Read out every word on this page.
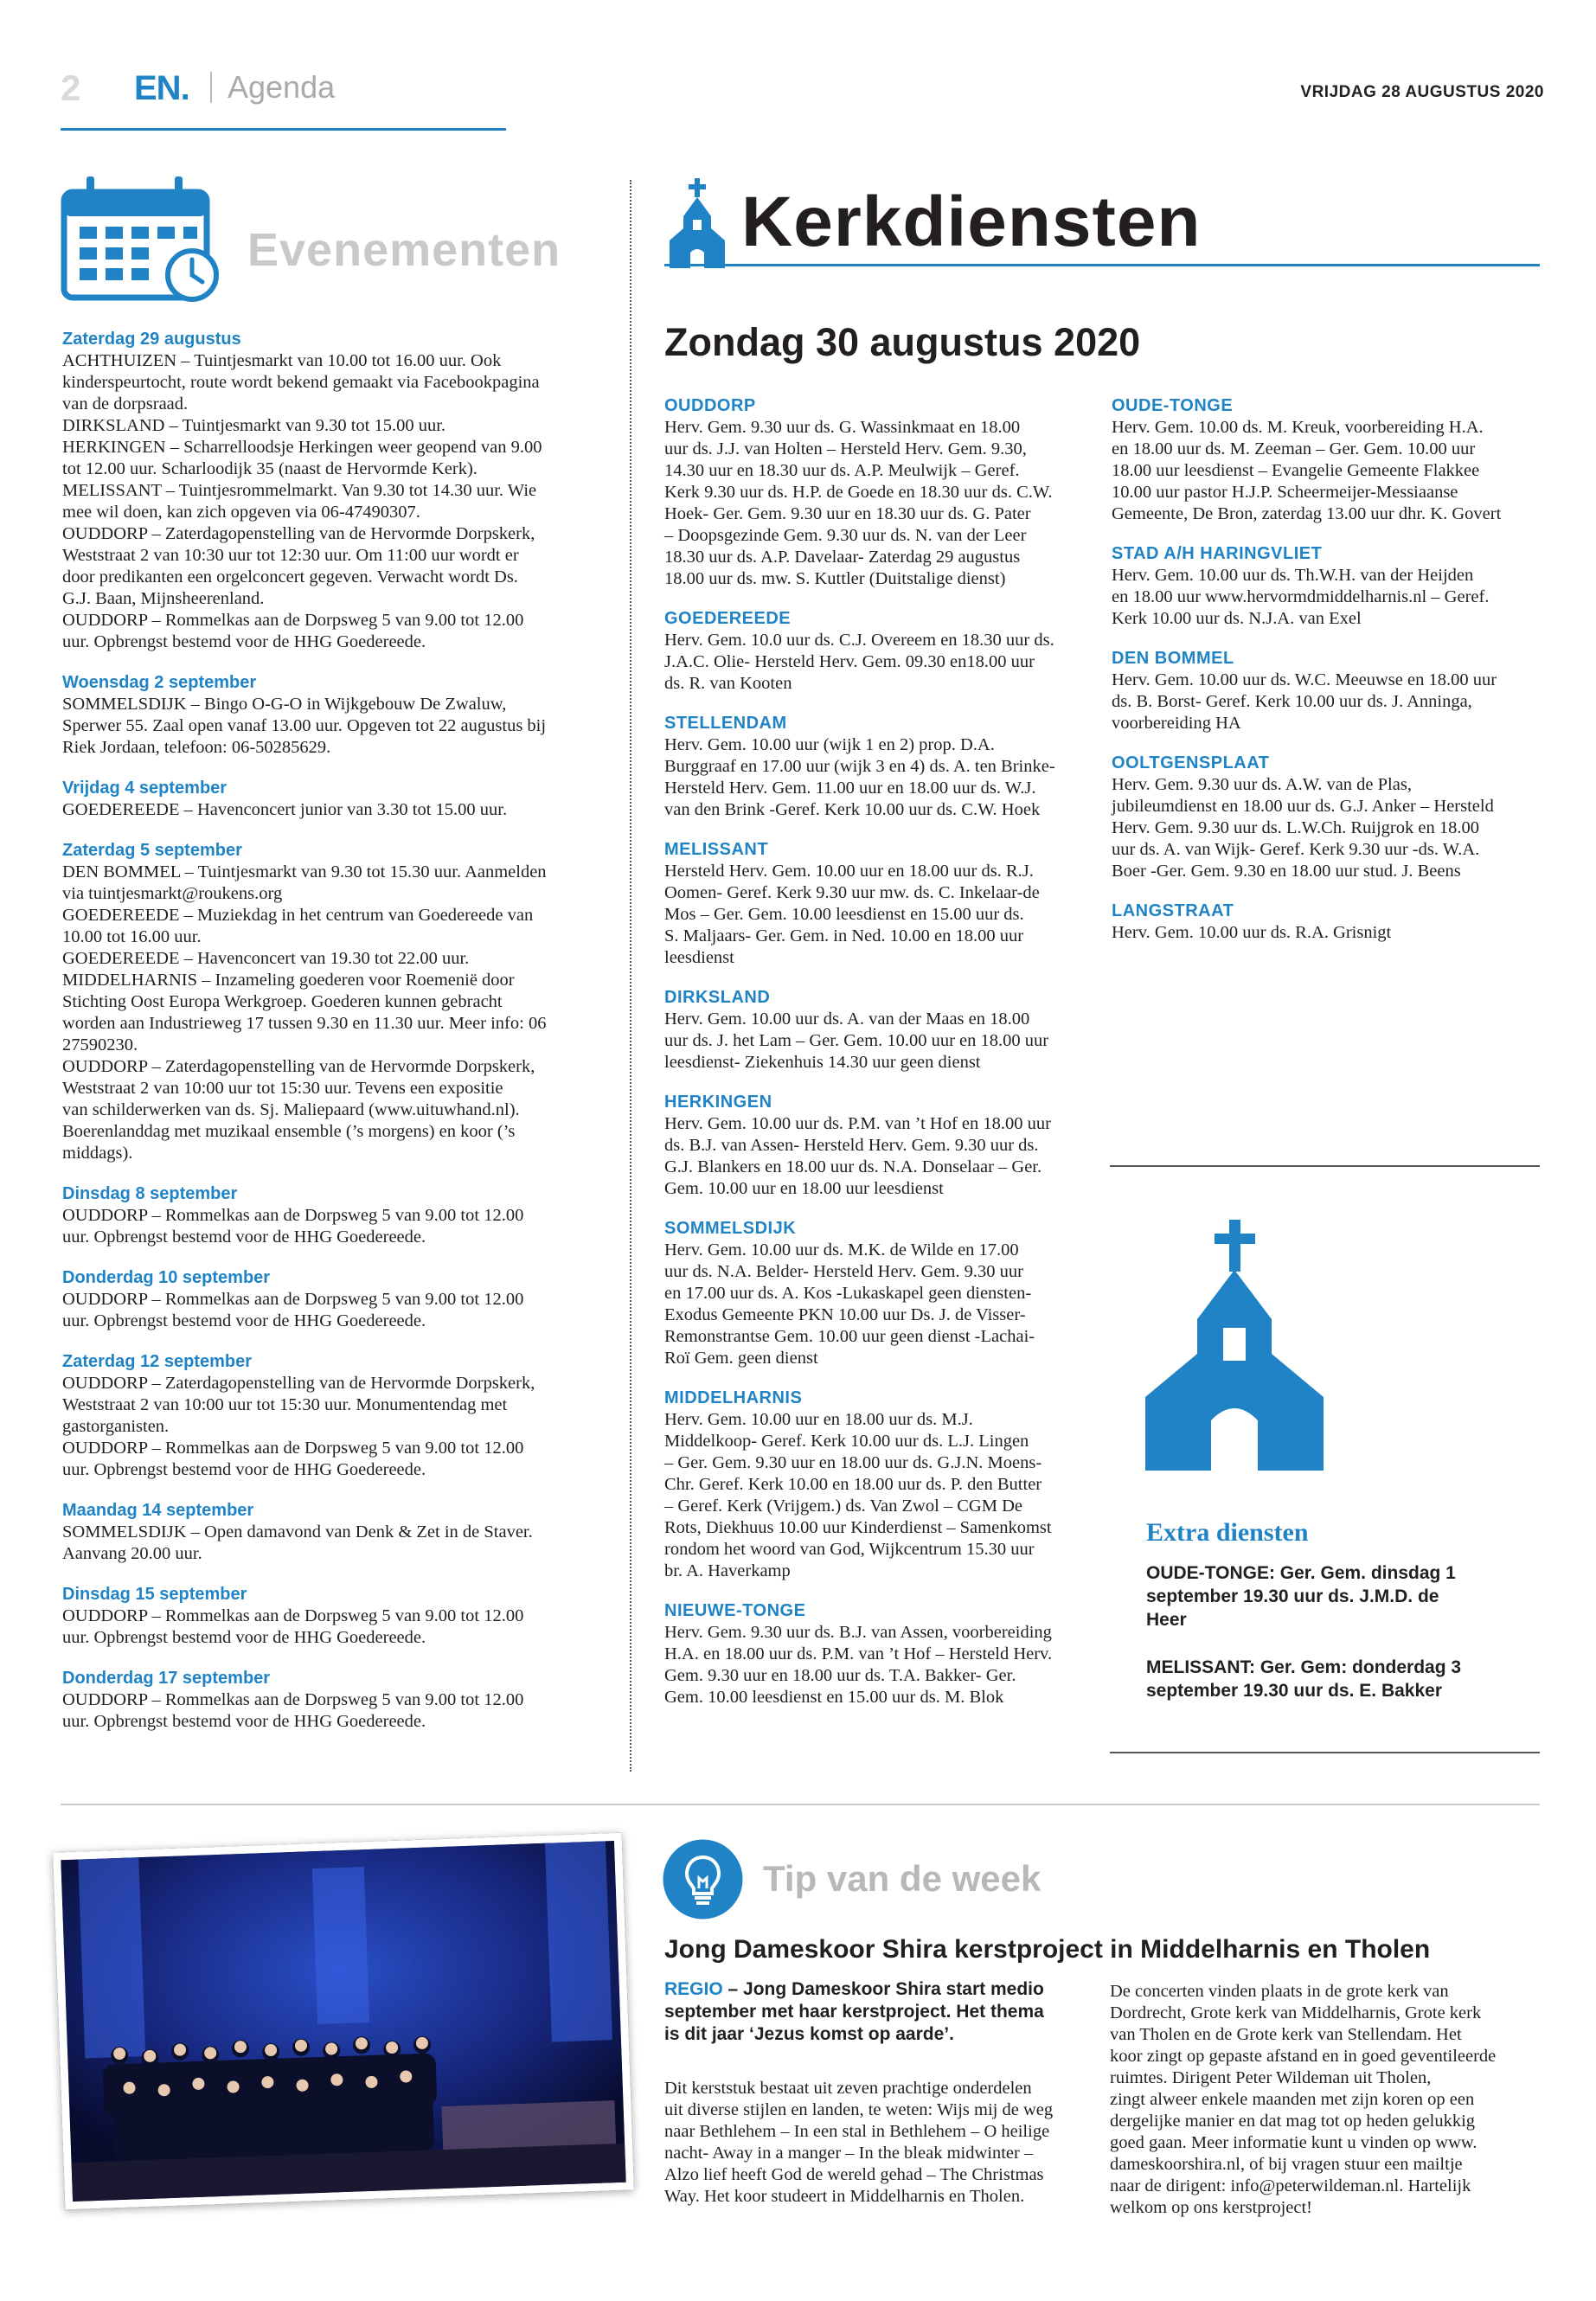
2 EN. Agenda	VRIJDAG 28 AUGUSTUS 2020
Evenementen
Zaterdag 29 augustus
ACHTHUIZEN – Tuintjesmarkt van 10.00 tot 16.00 uur. Ook
kinderspeurtocht, route wordt bekend gemaakt via Facebookpagina
van de dorpsraad.
DIRKSLAND – Tuintjesmarkt van 9.30 tot 15.00 uur.
HERKINGEN – Scharrelloodsje Herkingen weer geopend van 9.00
tot 12.00 uur. Scharloodijk 35 (naast de Hervormde Kerk).
MELISSANT – Tuintjesrommelmarkt. Van 9.30 tot 14.30 uur. Wie
mee wil doen, kan zich opgeven via 06-47490307.
OUDDORP – Zaterdagopenstelling van de Hervormde Dorpskerk,
Weststraat 2 van 10:30 uur tot 12:30 uur. Om 11:00 uur wordt er
door predikanten een orgelconcert gegeven. Verwacht wordt Ds.
G.J. Baan, Mijnsheerenland.
OUDDORP – Rommelkas aan de Dorpsweg 5 van 9.00 tot 12.00
uur. Opbrengst bestemd voor de HHG Goedereede.
Woensdag 2 september
SOMMELSDIJK – Bingo O-G-O in Wijkgebouw De Zwaluw,
Sperwer 55. Zaal open vanaf 13.00 uur. Opgeven tot 22 augustus bij
Riek Jordaan, telefoon: 06-50285629.
Vrijdag 4 september
GOEDEREEDE – Havenconcert junior van 3.30 tot 15.00 uur.
Zaterdag 5 september
DEN BOMMEL – Tuintjesmarkt van 9.30 tot 15.30 uur. Aanmelden
via tuintjesmarkt@roukens.org
GOEDEREEDE – Muziekdag in het centrum van Goedereede van
10.00 tot 16.00 uur.
GOEDEREEDE – Havenconcert van 19.30 tot 22.00 uur.
MIDDELHARNIS – Inzameling goederen voor Roemenië door
Stichting Oost Europa Werkgroep. Goederen kunnen gebracht
worden aan Industrieweg 17 tussen 9.30 en 11.30 uur. Meer info: 06
27590230.
OUDDORP – Zaterdagopenstelling van de Hervormde Dorpskerk,
Weststraat 2 van 10:00 uur tot 15:30 uur. Tevens een expositie
van schilderwerken van ds. Sj. Maliepaard (www.uituwhand.nl).
Boerenlanddag met muzikaal ensemble (’s morgens) en koor (’s
middags).
Dinsdag 8 september
OUDDORP – Rommelkas aan de Dorpsweg 5 van 9.00 tot 12.00
uur. Opbrengst bestemd voor de HHG Goedereede.
Donderdag 10 september
OUDDORP – Rommelkas aan de Dorpsweg 5 van 9.00 tot 12.00
uur. Opbrengst bestemd voor de HHG Goedereede.
Zaterdag 12 september
OUDDORP – Zaterdagopenstelling van de Hervormde Dorpskerk,
Weststraat 2 van 10:00 uur tot 15:30 uur. Monumentendag met
gastorganisten.
OUDDORP – Rommelkas aan de Dorpsweg 5 van 9.00 tot 12.00
uur. Opbrengst bestemd voor de HHG Goedereede.
Maandag 14 september
SOMMELSDIJK – Open damavond van Denk & Zet in de Staver.
Aanvang 20.00 uur.
Dinsdag 15 september
OUDDORP – Rommelkas aan de Dorpsweg 5 van 9.00 tot 12.00
uur. Opbrengst bestemd voor de HHG Goedereede.
Donderdag 17 september
OUDDORP – Rommelkas aan de Dorpsweg 5 van 9.00 tot 12.00
uur. Opbrengst bestemd voor de HHG Goedereede.
Kerkdiensten
Zondag 30 augustus 2020
OUDDORP
Herv. Gem. 9.30 uur ds. G. Wassinkmaat en 18.00
uur ds. J.J. van Holten – Hersteld Herv. Gem. 9.30,
14.30 uur en 18.30 uur ds. A.P. Meulwijk – Geref.
Kerk 9.30 uur ds. H.P. de Goede en 18.30 uur ds. C.W.
Hoek- Ger. Gem. 9.30 uur en 18.30 uur ds. G. Pater
– Doopsgezinde Gem. 9.30 uur ds. N. van der Leer
18.30 uur ds. A.P. Davelaar- Zaterdag 29 augustus
18.00 uur ds. mw. S. Kuttler (Duitstalige dienst)
GOEDEREEDE
Herv. Gem. 10.0 uur ds. C.J. Overeem en 18.30 uur ds.
J.A.C. Olie- Hersteld Herv. Gem. 09.30 en18.00 uur
ds. R. van Kooten
STELLENDAM
Herv. Gem. 10.00 uur (wijk 1 en 2) prop. D.A.
Burggraaf en 17.00 uur (wijk 3 en 4) ds. A. ten Brinke-
Hersteld Herv. Gem. 11.00 uur en 18.00 uur ds. W.J.
van den Brink -Geref. Kerk 10.00 uur ds. C.W. Hoek
MELISSANT
Hersteld Herv. Gem. 10.00 uur en 18.00 uur ds. R.J.
Oomen- Geref. Kerk 9.30 uur mw. ds. C. Inkelaar-de
Mos – Ger. Gem. 10.00 leesdienst en 15.00 uur ds.
S. Maljaars- Ger. Gem. in Ned. 10.00 en 18.00 uur
leesdienst
DIRKSLAND
Herv. Gem. 10.00 uur ds. A. van der Maas en 18.00
uur ds. J. het Lam – Ger. Gem. 10.00 uur en 18.00 uur
leesdienst- Ziekenhuis 14.30 uur geen dienst
HERKINGEN
Herv. Gem. 10.00 uur ds. P.M. van ’t Hof en 18.00 uur
ds. B.J. van Assen- Hersteld Herv. Gem. 9.30 uur ds.
G.J. Blankers en 18.00 uur ds. N.A. Donselaar – Ger.
Gem. 10.00 uur en 18.00 uur leesdienst
SOMMELSDIJK
Herv. Gem. 10.00 uur ds. M.K. de Wilde en 17.00
uur ds. N.A. Belder- Hersteld Herv. Gem. 9.30 uur
en 17.00 uur ds. A. Kos -Lukaskapel geen diensten-
Exodus Gemeente PKN 10.00 uur Ds. J. de Visser-
Remonstrantse Gem. 10.00 uur geen dienst -Lachai-
Roï Gem. geen dienst
MIDDELHARNIS
Herv. Gem. 10.00 uur en 18.00 uur ds. M.J.
Middelkoop- Geref. Kerk 10.00 uur ds. L.J. Lingen
– Ger. Gem. 9.30 uur en 18.00 uur ds. G.J.N. Moens-
Chr. Geref. Kerk 10.00 en 18.00 uur ds. P. den Butter
– Geref. Kerk (Vrijgem.) ds. Van Zwol – CGM De
Rots, Diekhuus 10.00 uur Kinderdienst – Samenkomst
rondom het woord van God, Wijkcentrum 15.30 uur
br. A. Haverkamp
NIEUWE-TONGE
Herv. Gem. 9.30 uur ds. B.J. van Assen, voorbereiding
H.A. en 18.00 uur ds. P.M. van ’t Hof – Hersteld Herv.
Gem. 9.30 uur en 18.00 uur ds. T.A. Bakker- Ger.
Gem. 10.00 leesdienst en 15.00 uur ds. M. Blok
OUDE-TONGE
Herv. Gem. 10.00 ds. M. Kreuk, voorbereiding H.A.
en 18.00 uur ds. M. Zeeman – Ger. Gem. 10.00 uur
18.00 uur leesdienst – Evangelie Gemeente Flakkee
10.00 uur pastor H.J.P. Scheermeijer-Messiaanse
Gemeente, De Bron, zaterdag 13.00 uur dhr. K. Govert
STAD A/H HARINGVLIET
Herv. Gem. 10.00 uur ds. Th.W.H. van der Heijden
en 18.00 uur www.hervormdmiddelharnis.nl – Geref.
Kerk 10.00 uur ds. N.J.A. van Exel
DEN BOMMEL
Herv. Gem. 10.00 uur ds. W.C. Meeuwse en 18.00 uur
ds. B. Borst- Geref. Kerk 10.00 uur ds. J. Anninga,
voorbereiding HA
OOLTGENSPLAAT
Herv. Gem. 9.30 uur ds. A.W. van de Plas,
jubileumdienst en 18.00 uur ds. G.J. Anker – Hersteld
Herv. Gem. 9.30 uur ds. L.W.Ch. Ruijgrok en 18.00
uur ds. A. van Wijk- Geref. Kerk 9.30 uur -ds. W.A.
Boer -Ger. Gem. 9.30 en 18.00 uur stud. J. Beens
LANGSTRAAT
Herv. Gem. 10.00 uur ds. R.A. Grisnigt
Extra diensten
OUDE-TONGE: Ger. Gem. dinsdag 1
september 19.30 uur ds. J.M.D. de
Heer
MELISSANT: Ger. Gem: donderdag 3
september 19.30 uur ds. E. Bakker
Tip van de week
Jong Dameskoor Shira kerstproject in Middelharnis en Tholen
REGIO – Jong Dameskoor Shira start medio
september met haar kerstproject. Het thema
is dit jaar ‘Jezus komst op aarde’.
Dit kerststuk bestaat uit zeven prachtige onderdelen
uit diverse stijlen en landen, te weten: Wijs mij de weg
naar Bethlehem – In een stal in Bethlehem – O heilige
nacht- Away in a manger – In the bleak midwinter –
Alzo lief heeft God de wereld gehad – The Christmas
Way. Het koor studeert in Middelharnis en Tholen.
De concerten vinden plaats in de grote kerk van
Dordrecht, Grote kerk van Middelharnis, Grote kerk
van Tholen en de Grote kerk van Stellendam. Het
koor zingt op gepaste afstand en in goed geventileerde
ruimtes. Dirigent Peter Wildeman uit Tholen,
zingt alweer enkele maanden met zijn koren op een
dergelijke manier en dat mag tot op heden gelukkig
goed gaan. Meer informatie kunt u vinden op www.
dameskoorshira.nl, of bij vragen stuur een mailtje
naar de dirigent: info@peterwildeman.nl. Hartelijk
welkom op ons kerstproject!
